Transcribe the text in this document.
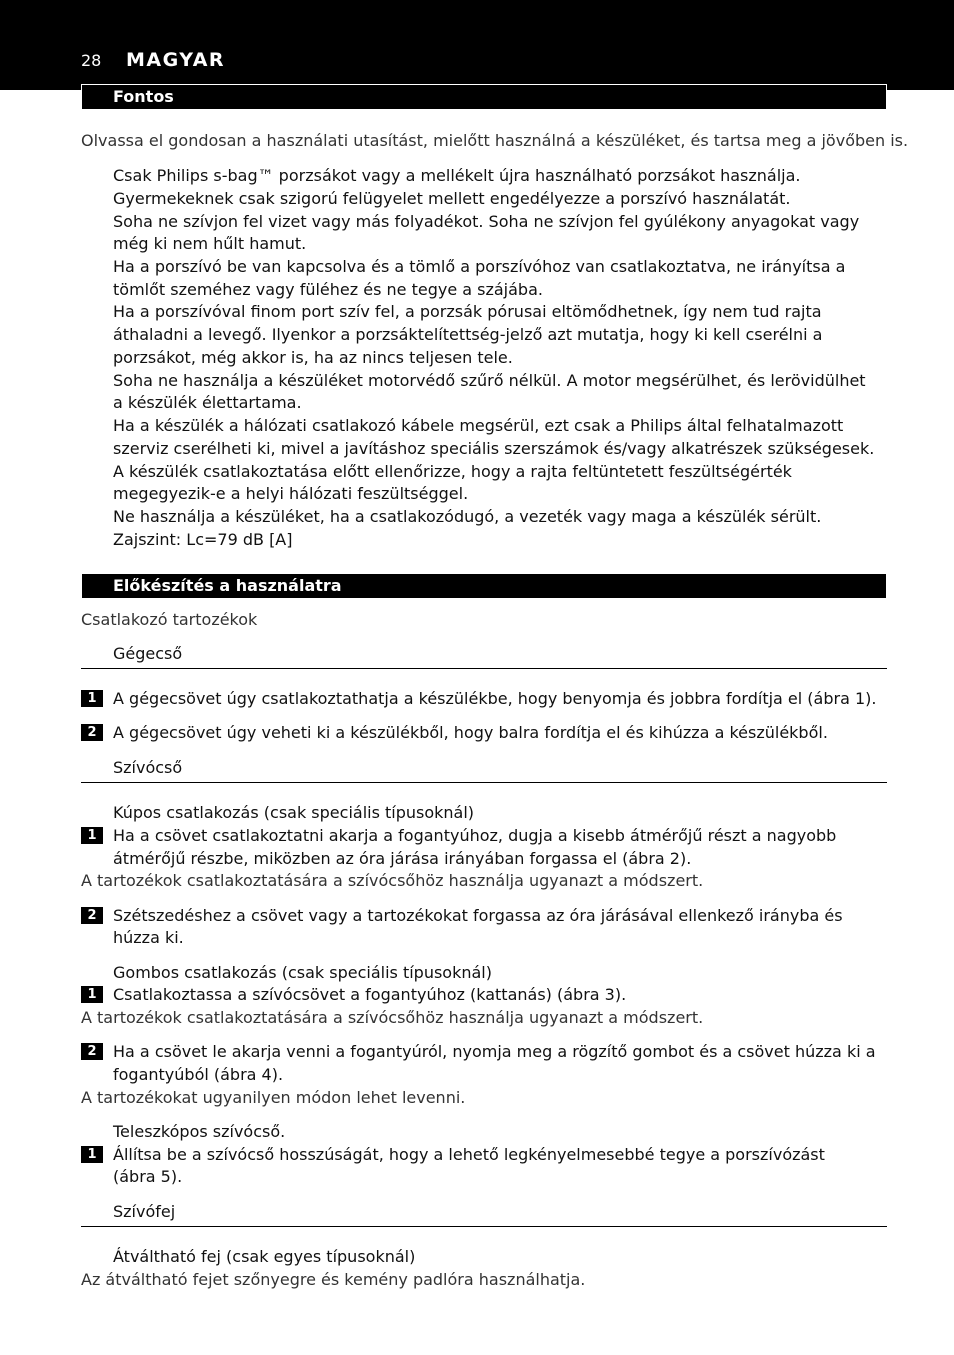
28 MAGYAR
Fontos
Olvassa el gondosan a használati utasítást, mielőtt használná a készüléket, és tartsa meg a jövőben is.
Csak Philips s-bag™ porzsákot vagy a mellékelt újra használható porzsákot használja.
Gyermekeknek csak szigorú felügyelet mellett engedélyezze a porszívó használatát.
Soha ne szívjon fel vizet vagy más folyadékot. Soha ne szívjon fel gyúlékony anyagokat vagy
még ki nem hűlt hamut.
Ha a porszívó be van kapcsolva és a tömlő a porszívóhoz van csatlakoztatva, ne irányítsa a
tömlőt szeméhez vagy füléhez és ne tegye a szájába.
Ha a porszívóval finom port szív fel, a porzsák pórusai eltömődhetnek, így nem tud rajta
áthaladni a levegő. Ilyenkor a porzsáktelítettség-jelző azt mutatja, hogy ki kell cserélni a
porzsákot, még akkor is, ha az nincs teljesen tele.
Soha ne használja a készüléket motorvédő szűrő nélkül. A motor megsérülhet, és lerövidülhet
a készülék élettartama.
Ha a készülék a hálózati csatlakozó kábele megsérül, ezt csak a Philips által felhatalmazott
szerviz cserélheti ki, mivel a javításhoz speciális szerszámok és/vagy alkatrészek szükségesek.
A készülék csatlakoztatása előtt ellenőrizze, hogy a rajta feltüntetett feszültségérték
megegyezik-e a helyi hálózati feszültséggel.
Ne használja a készüléket, ha a csatlakozódugó, a vezeték vagy maga a készülék sérült.
Zajszint: Lc=79 dB [A]
Előkészítés a használatra
Csatlakozó tartozékok
Gégecső
1	A gégecsövet úgy csatlakoztathatja a készülékbe, hogy benyomja és jobbra fordítja el (ábra 1).
2	A gégecsövet úgy veheti ki a készülékből, hogy balra fordítja el és kihúzza a készülékből.
Szívócső
Kúpos csatlakozás (csak speciális típusoknál)
1	Ha a csövet csatlakoztatni akarja a fogantyúhoz, dugja a kisebb átmérőjű részt a nagyobb
átmérőjű részbe, miközben az óra járása irányában forgassa el (ábra 2).
A tartozékok csatlakoztatására a szívócsőhöz használja ugyanazt a módszert.
2	Szétszedéshez a csövet vagy a tartozékokat forgassa az óra járásával ellenkező irányba és
húzza ki.
Gombos csatlakozás (csak speciális típusoknál)
1	Csatlakoztassa a szívócsövet a fogantyúhoz (kattanás) (ábra 3).
A tartozékok csatlakoztatására a szívócsőhöz használja ugyanazt a módszert.
2	Ha a csövet le akarja venni a fogantyúról, nyomja meg a rögzítő gombot és a csövet húzza ki a
fogantyúból (ábra 4).
A tartozékokat ugyanilyen módon lehet levenni.
Teleszkópos szívócső.
1	Állítsa be a szívócső hosszúságát, hogy a lehető legkényelmesebbé tegye a porszívózást
(ábra 5).
Szívófej
Átváltható fej (csak egyes típusoknál)
Az átváltható fejet szőnyegre és kemény padlóra használhatja.
